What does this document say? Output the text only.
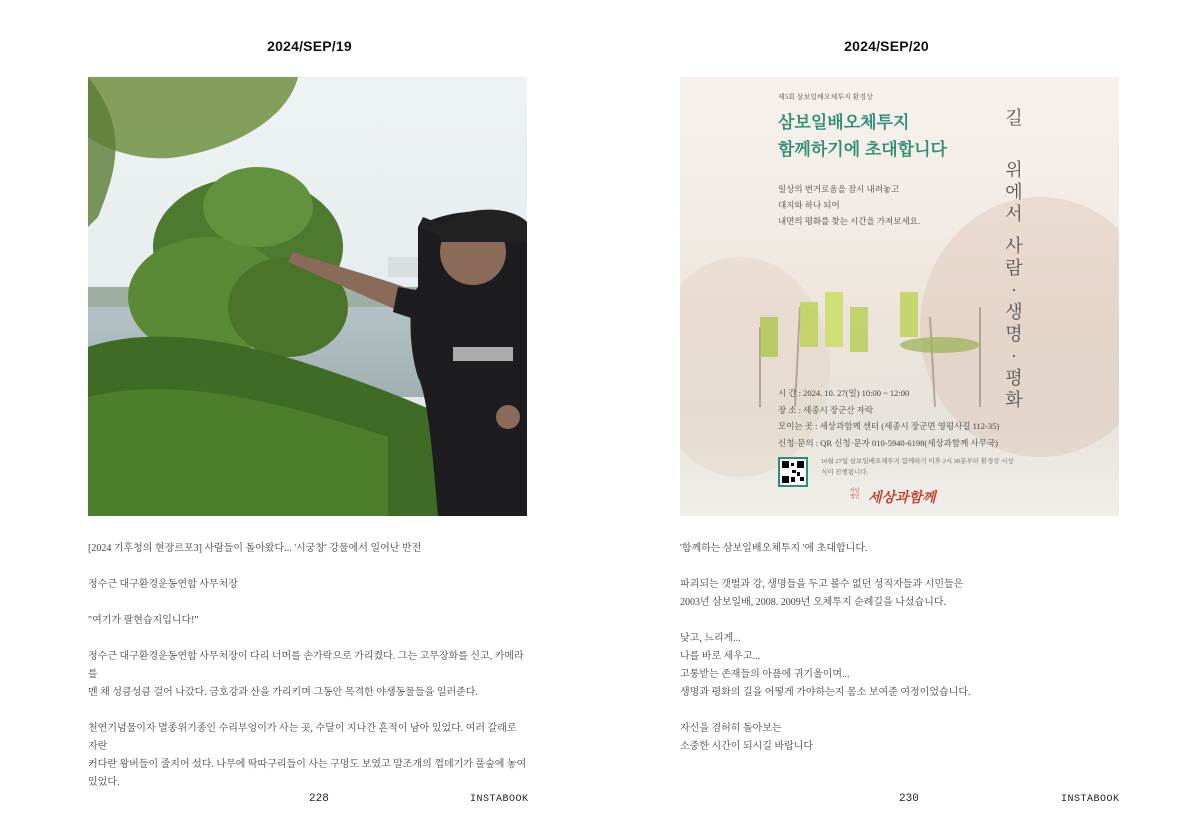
2024/SEP/19

[2024 기후청의 현장르포3] 사람들이 돌아왔다... '시궁창' 강물에서 일어난 반전

정수근 대구환경운동연합 사무처장

"여기가 팔현습지입니다!"

정수근 대구환경운동연합 사무처장이 다리 너머를 손가락으로 가리켰다. 그는 고무장화를 신고, 카메라를
멘 채 성큼성큼 걸어 나갔다. 금호강과 산을 가리키며 그동안 목격한 야생동물들을 일러준다.

천연기념물이자 멸종위기종인 수리부엉이가 사는 곳, 수달이 지나간 흔적이 남아 있었다. 여러 갈래로 자란
커다란 왕버들이 줄지어 섰다. 나무에 딱따구리들이 사는 구멍도 보였고 말조개의 껍데기가 풀숲에 놓여
있었다.

228	INSTABOOK
2024/SEP/20
제5회 삼보일배오체투지 환경상
삼보일배오체투지
함께하기에 초대합니다
일상의 번거로움을 잠시 내려놓고
대지와 하나 되어
내면의 평화를 찾는 시간을 가져보세요.
길
위
에
서
사
람
·
생
명
·
평
화
시 간 : 2024. 10. 27(일) 10:00 ~ 12:00
장 소 : 세종시 장군산 자락
모이는 곳 : 세상과함께 센터 (세종시 장군면 영평사길 112-35)
신청·문의 : QR 신청·문자 010-5940-6198(세상과함께 사무국)
10월 27일 삼보일배오체투지 함께하기 이후 2시 30분부터 환경상 시상
식이 진행됩니다.
사단 법인 세상과함께

'함께하는 삼보일배오체투지 '에 초대합니다.

파괴되는 갯벌과 강, 생명들을 두고 볼수 없던 성직자들과 시민들은
2003년 삼보일배, 2008. 2009년 오체투지 순례길을 나섰습니다.

낮고, 느리게...
나를 바로 세우고...
고통받는 존재들의 아픔에 귀기울이며...
생명과 평화의 길을 어떻게 가야하는지 몸소 보여준 여정이었습니다.

자신을 겸허히 돌아보는
소중한 시간이 되시길 바랍니다

230	INSTABOOK
